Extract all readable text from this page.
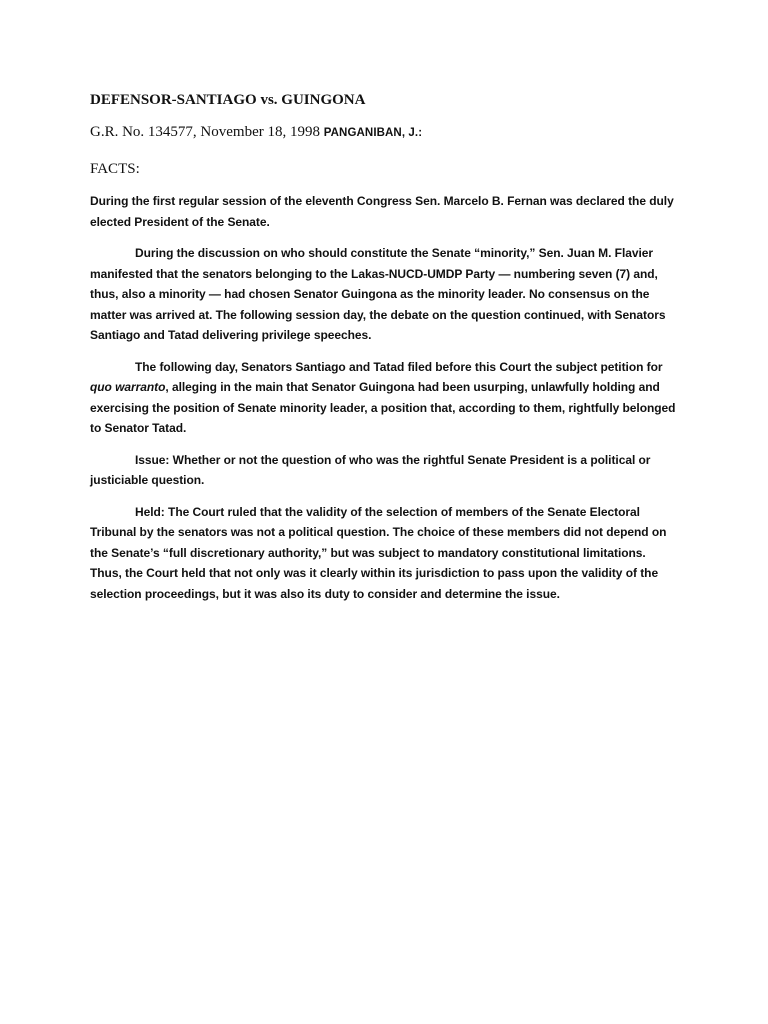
DEFENSOR-SANTIAGO vs. GUINGONA
G.R. No. 134577, November 18, 1998 PANGANIBAN, J.:
FACTS:

During the first regular session of the eleventh Congress Sen. Marcelo B. Fernan was declared the duly elected President of the Senate.

During the discussion on who should constitute the Senate “minority,” Sen. Juan M. Flavier manifested that the senators belonging to the Lakas-NUCD-UMDP Party — numbering seven (7) and, thus, also a minority — had chosen Senator Guingona as the minority leader. No consensus on the matter was arrived at. The following session day, the debate on the question continued, with Senators Santiago and Tatad delivering privilege speeches.

The following day, Senators Santiago and Tatad filed before this Court the subject petition for quo warranto, alleging in the main that Senator Guingona had been usurping, unlawfully holding and exercising the position of Senate minority leader, a position that, according to them, rightfully belonged to Senator Tatad.

Issue: Whether or not the question of who was the rightful Senate President is a political or justiciable question.

Held: The Court ruled that the validity of the selection of members of the Senate Electoral Tribunal by the senators was not a political question. The choice of these members did not depend on the Senate’s “full discretionary authority,” but was subject to mandatory constitutional limitations. Thus, the Court held that not only was it clearly within its jurisdiction to pass upon the validity of the selection proceedings, but it was also its duty to consider and determine the issue.
